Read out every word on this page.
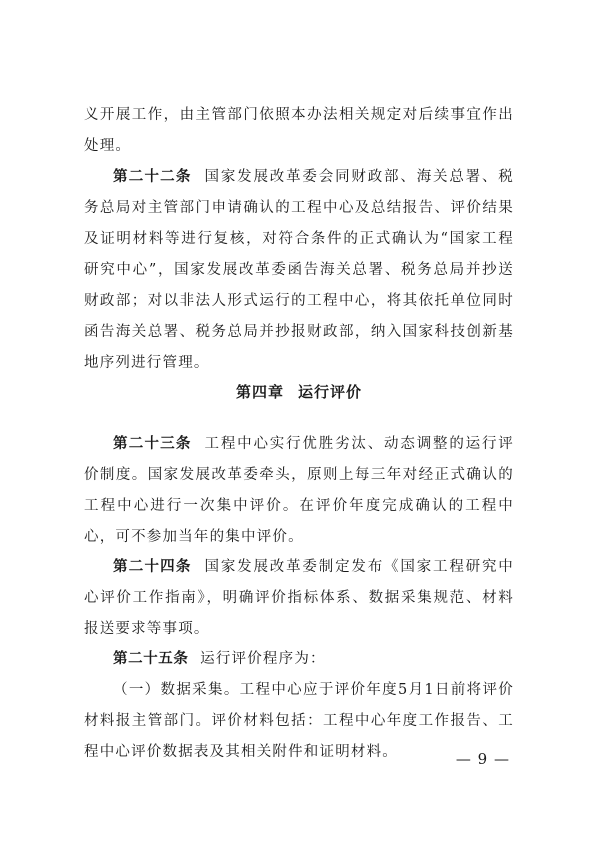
义开展工作，由主管部门依照本办法相关规定对后续事宜作出处理。

第二十二条 国家发展改革委会同财政部、海关总署、税务总局对主管部门申请确认的工程中心及总结报告、评价结果及证明材料等进行复核，对符合条件的正式确认为“国家工程研究中心”，国家发展改革委函告海关总署、税务总局并抄送财政部；对以非法人形式运行的工程中心，将其依托单位同时函告海关总署、税务总局并抄报财政部，纳入国家科技创新基地序列进行管理。

第四章 运行评价

第二十三条 工程中心实行优胜劣汰、动态调整的运行评价制度。国家发展改革委牵头，原则上每三年对经正式确认的工程中心进行一次集中评价。在评价年度完成确认的工程中心，可不参加当年的集中评价。

第二十四条 国家发展改革委制定发布《国家工程研究中心评价工作指南》，明确评价指标体系、数据采集规范、材料报送要求等事项。

第二十五条 运行评价程序为：

（一）数据采集。工程中心应于评价年度5月1日前将评价材料报主管部门。评价材料包括：工程中心年度工作报告、工程中心评价数据表及其相关附件和证明材料。	— 9 —
